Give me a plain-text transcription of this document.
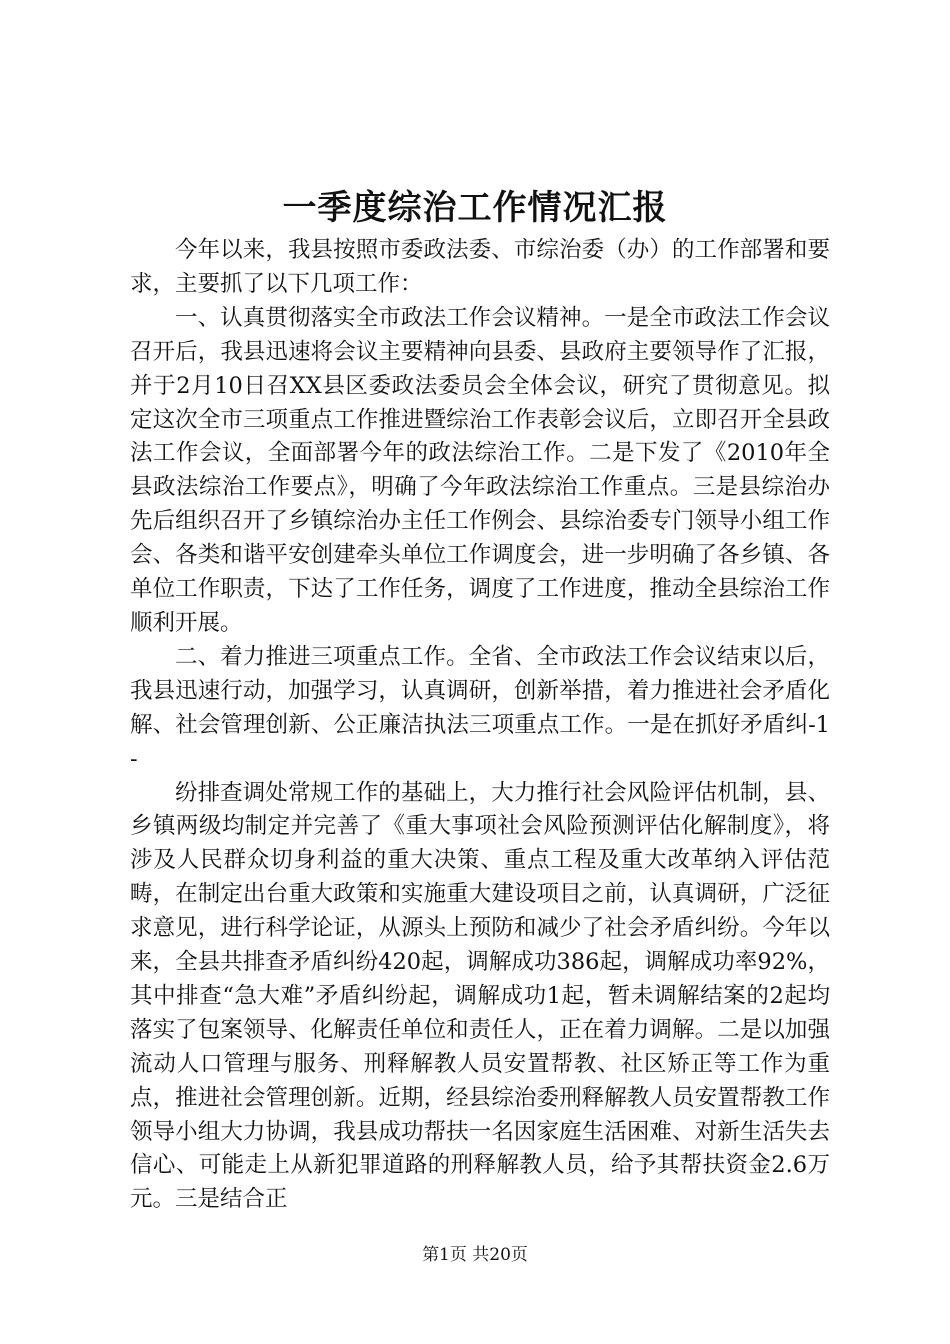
一季度综治工作情况汇报

今年以来，我县按照市委政法委、市综治委（办）的工作部署和要求，主要抓了以下几项工作：

一、认真贯彻落实全市政法工作会议精神。一是全市政法工作会议召开后，我县迅速将会议主要精神向县委、县政府主要领导作了汇报，并于2月10日召XX县区委政法委员会全体会议，研究了贯彻意见。拟定这次全市三项重点工作推进暨综治工作表彰会议后，立即召开全县政法工作会议，全面部署今年的政法综治工作。二是下发了《2010年全县政法综治工作要点》，明确了今年政法综治工作重点。三是县综治办先后组织召开了乡镇综治办主任工作例会、县综治委专门领导小组工作会、各类和谐平安创建牵头单位工作调度会，进一步明确了各乡镇、各单位工作职责，下达了工作任务，调度了工作进度，推动全县综治工作顺利开展。

二、着力推进三项重点工作。全省、全市政法工作会议结束以后，我县迅速行动，加强学习，认真调研，创新举措，着力推进社会矛盾化解、社会管理创新、公正廉洁执法三项重点工作。一是在抓好矛盾纠-1-

纷排查调处常规工作的基础上，大力推行社会风险评估机制，县、乡镇两级均制定并完善了《重大事项社会风险预测评估化解制度》，将涉及人民群众切身利益的重大决策、重点工程及重大改革纳入评估范畴，在制定出台重大政策和实施重大建设项目之前，认真调研，广泛征求意见，进行科学论证，从源头上预防和减少了社会矛盾纠纷。今年以来，全县共排查矛盾纠纷420起，调解成功386起，调解成功率92%，其中排查“急大难”矛盾纠纷起，调解成功1起，暂未调解结案的2起均落实了包案领导、化解责任单位和责任人，正在着力调解。二是以加强流动人口管理与服务、刑释解教人员安置帮教、社区矫正等工作为重点，推进社会管理创新。近期，经县综治委刑释解教人员安置帮教工作领导小组大力协调，我县成功帮扶一名因家庭生活困难、对新生活失去信心、可能走上从新犯罪道路的刑释解教人员，给予其帮扶资金2.6万元。三是结合正

第1页 共20页
